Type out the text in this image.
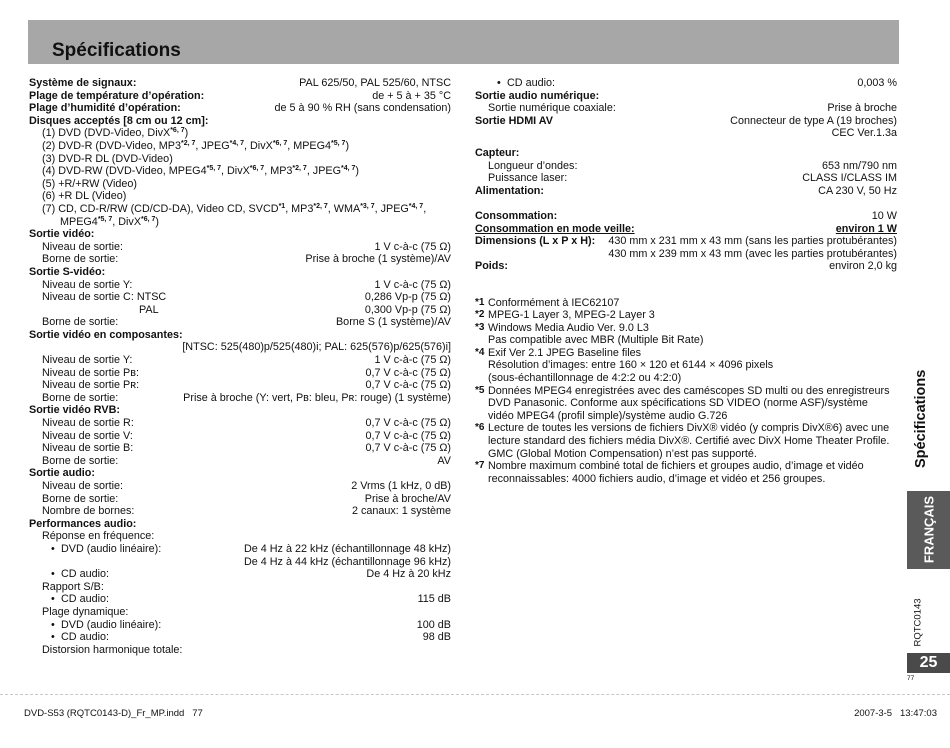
Spécifications
Système de signaux:	PAL 625/50, PAL 525/60, NTSC
Plage de température d’opération:	de + 5 à + 35 °C
Plage d’humidité d’opération:	de 5 à 90 % RH (sans condensation)
Disques acceptés [8 cm ou 12 cm]:
(1) DVD (DVD-Video, DivX$^{*6, 7}$)
(2) DVD-R (DVD-Video, MP3$^{*2, 7}$, JPEG$^{*4, 7}$, DivX$^{*6, 7}$, MPEG4$^{*5, 7}$)
(3) DVD-R DL (DVD-Video)
(4) DVD-RW (DVD-Video, MPEG4$^{*5, 7}$, DivX$^{*6, 7}$, MP3$^{*2, 7}$, JPEG$^{*4, 7}$)
(5) +R/+RW (Video)
(6) +R DL (Video)
(7) CD, CD-R/RW (CD/CD-DA), Video CD, SVCD$^{*1}$, MP3$^{*2, 7}$, WMA$^{*3, 7}$, JPEG$^{*4, 7}$,
MPEG4$^{*5, 7}$, DivX$^{*6, 7}$)
Sortie vidéo:
Niveau de sortie:	1 V c-à-c (75 Ω)
Borne de sortie:	Prise à broche (1 système)/AV
Sortie S-vidéo:
Niveau de sortie Y:	1 V c-à-c (75 Ω)
Niveau de sortie C: NTSC	0,286 Vp-p (75 Ω)
PAL	0,300 Vp-p (75 Ω)
Borne de sortie:	Borne S (1 système)/AV
Sortie vidéo en composantes:
[NTSC: 525(480)p/525(480)i; PAL: 625(576)p/625(576)i]
Niveau de sortie Y:	1 V c-à-c (75 Ω)
Niveau de sortie Pʙ:	0,7 V c-à-c (75 Ω)
Niveau de sortie Pʀ:	0,7 V c-à-c (75 Ω)
Borne de sortie:	Prise à broche (Y: vert, Pʙ: bleu, Pʀ: rouge) (1 système)
Sortie vidéo RVB:
Niveau de sortie R:	0,7 V c-à-c (75 Ω)
Niveau de sortie V:	0,7 V c-à-c (75 Ω)
Niveau de sortie B:	0,7 V c-à-c (75 Ω)
Borne de sortie:	AV
Sortie audio:
Niveau de sortie:	2 Vrms (1 kHz, 0 dB)
Borne de sortie:	Prise à broche/AV
Nombre de bornes:	2 canaux: 1 système
Performances audio:
Réponse en fréquence:
• DVD (audio linéaire):	De 4 Hz à 22 kHz (échantillonnage 48 kHz)
De 4 Hz à 44 kHz (échantillonnage 96 kHz)
• CD audio:	De 4 Hz à 20 kHz
Rapport S/B:
• CD audio:	115 dB
Plage dynamique:
• DVD (audio linéaire):	100 dB
• CD audio:	98 dB
Distorsion harmonique totale:
• CD audio:	0,003 %
Sortie audio numérique:
Sortie numérique coaxiale:	Prise à broche
Sortie HDMI AV	Connecteur de type A (19 broches)
CEC Ver.1.3a
Capteur:
Longueur d’ondes:	653 nm/790 nm
Puissance laser:	CLASS I/CLASS IM
Alimentation:	CA 230 V, 50 Hz
Consommation:	10 W
Consommation en mode veille:	environ 1 W
Dimensions (L x P x H): 430 mm x 231 mm x 43 mm (sans les parties protubérantes)
430 mm x 239 mm x 43 mm (avec les parties protubérantes)
Poids:	environ 2,0 kg
*1 Conformément à IEC62107
*2 MPEG-1 Layer 3, MPEG-2 Layer 3
*3 Windows Media Audio Ver. 9.0 L3
Pas compatible avec MBR (Multiple Bit Rate)
*4 Exif Ver 2.1 JPEG Baseline files
Résolution d’images: entre 160 × 120 et 6144 × 4096 pixels
(sous-échantillonnage de 4:2:2 ou 4:2:0)
*5 Données MPEG4 enregistrées avec des caméscopes SD multi ou des enregistreurs
DVD Panasonic. Conforme aux spécifications SD VIDEO (norme ASF)/système
vidéo MPEG4 (profil simple)/système audio G.726
*6 Lecture de toutes les versions de fichiers DivX® vidéo (y compris DivX®6) avec une
lecture standard des fichiers média DivX®. Certifié avec DivX Home Theater Profile.
GMC (Global Motion Compensation) n’est pas supporté.
*7 Nombre maximum combiné total de fichiers et groupes audio, d’image et vidéo
reconnaissables: 4000 fichiers audio, d’image et vidéo et 256 groupes.
Spécifications
FRANÇAIS
RQTC0143
25
77
DVD-S53 (RQTC0143-D)_Fr_MP.indd   77	2007-3-5   13:47:03
